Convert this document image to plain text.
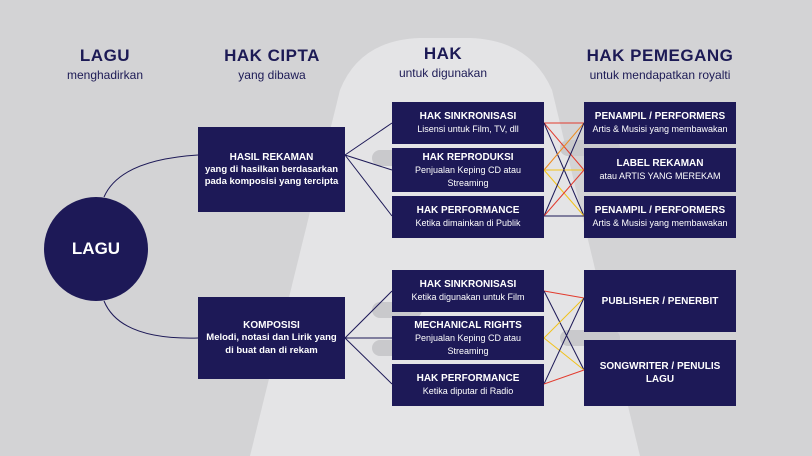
LAGU
menghadirkan
HAK CIPTA
yang dibawa
HAK
untuk digunakan
HAK PEMEGANG
untuk mendapatkan royalti
LAGU
HASIL REKAMAN
yang di hasilkan berdasarkan pada komposisi yang tercipta
KOMPOSISI
Melodi, notasi dan Lirik yang di buat dan di rekam
HAK SINKRONISASI
Lisensi untuk Film, TV, dll
HAK REPRODUKSI
Penjualan Keping CD atau Streaming
HAK PERFORMANCE
Ketika dimainkan di Publik
HAK SINKRONISASI
Ketika digunakan untuk Film
MECHANICAL RIGHTS
Penjualan Keping CD atau Streaming
HAK PERFORMANCE
Ketika diputar di Radio
PENAMPIL / PERFORMERS
Artis & Musisi yang membawakan
LABEL REKAMAN
atau ARTIS YANG MEREKAM
PENAMPIL / PERFORMERS
Artis & Musisi yang membawakan
PUBLISHER / PENERBIT
SONGWRITER / PENULIS LAGU
